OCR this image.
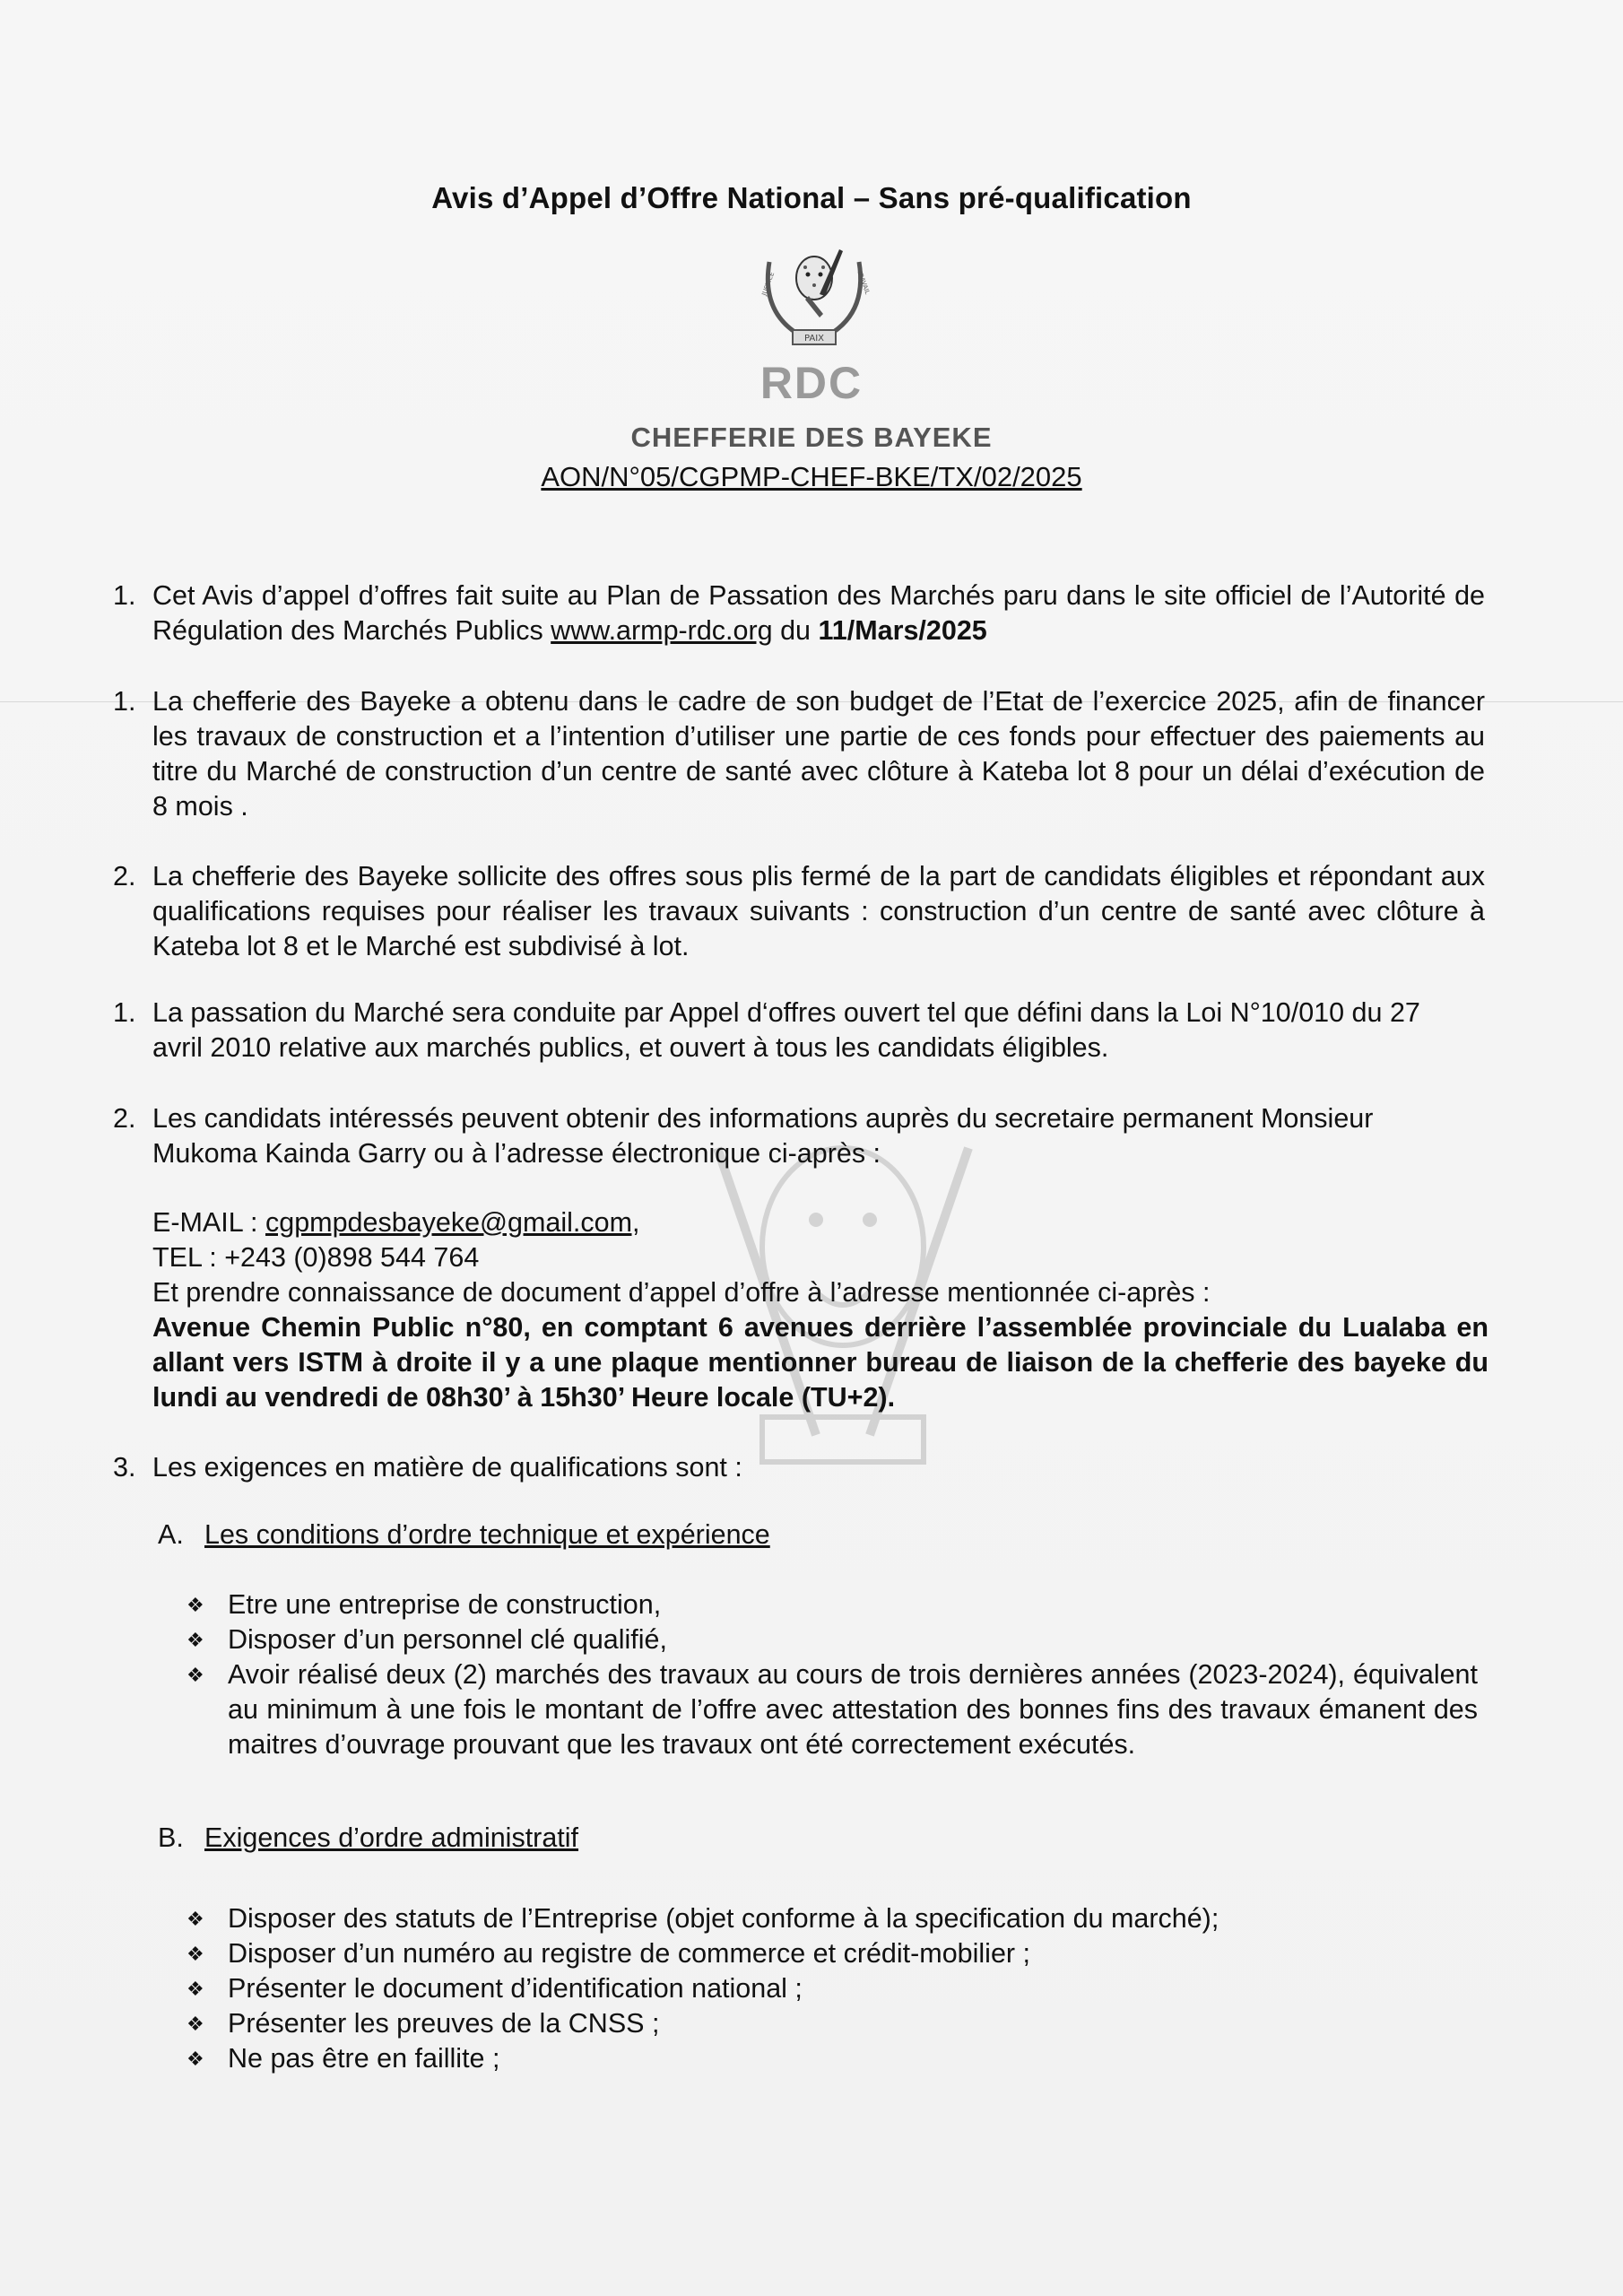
Avis d’Appel d’Offre National – Sans pré-qualification
PAIX
JUSTICE	TRAVAIL
RDC
CHEFFERIE DES BAYEKE
AON/N°05/CGPMP-CHEF-BKE/TX/02/2025
1. Cet Avis d’appel d’offres fait suite au Plan de Passation des Marchés paru dans le site officiel de l’Autorité de Régulation des Marchés Publics www.armp-rdc.org du 11/Mars/2025
1. La chefferie des Bayeke a obtenu dans le cadre de son budget de l’Etat de l’exercice 2025, afin de financer les travaux de construction et a l’intention d’utiliser une partie de ces fonds pour effectuer des paiements au titre du Marché de construction d’un centre de santé avec clôture à Kateba lot 8 pour un délai d’exécution de 8 mois .
2. La chefferie des Bayeke sollicite des offres sous plis fermé de la part de candidats éligibles et répondant aux qualifications requises pour réaliser les travaux suivants : construction d’un centre de santé avec clôture à Kateba lot 8 et le Marché est subdivisé à lot.
1. La passation du Marché sera conduite par Appel d‘offres ouvert tel que défini dans la Loi N°10/010 du 27 avril 2010 relative aux marchés publics, et ouvert à tous les candidats éligibles.
2. Les candidats intéressés peuvent obtenir des informations auprès du secretaire permanent Monsieur Mukoma Kainda Garry ou à l’adresse électronique ci-après :
E-MAIL : cgpmpdesbayeke@gmail.com,
TEL : +243 (0)898 544 764
Et prendre connaissance de document d’appel d’offre à l’adresse mentionnée ci-après :
Avenue Chemin Public n°80, en comptant 6 avenues derrière l’assemblée provinciale du Lualaba en allant vers ISTM à droite il y a une plaque mentionner bureau de liaison de la chefferie des bayeke du lundi au vendredi de 08h30’ à 15h30’ Heure locale (TU+2).
3. Les exigences en matière de qualifications sont :
A. Les conditions d’ordre technique et expérience
❖ Etre une entreprise de construction,
❖ Disposer d’un personnel clé qualifié,
❖ Avoir réalisé deux (2) marchés des travaux au cours de trois dernières années (2023-2024), équivalent au minimum à une fois le montant de l’offre avec attestation des bonnes fins des travaux émanent des maitres d’ouvrage prouvant que les travaux ont été correctement exécutés.
B. Exigences d’ordre administratif
❖ Disposer des statuts de l’Entreprise (objet conforme à la specification du marché);
❖ Disposer d’un numéro au registre de commerce et crédit-mobilier ;
❖ Présenter le document d’identification national ;
❖ Présenter les preuves de la CNSS ;
❖ Ne pas être en faillite ;
